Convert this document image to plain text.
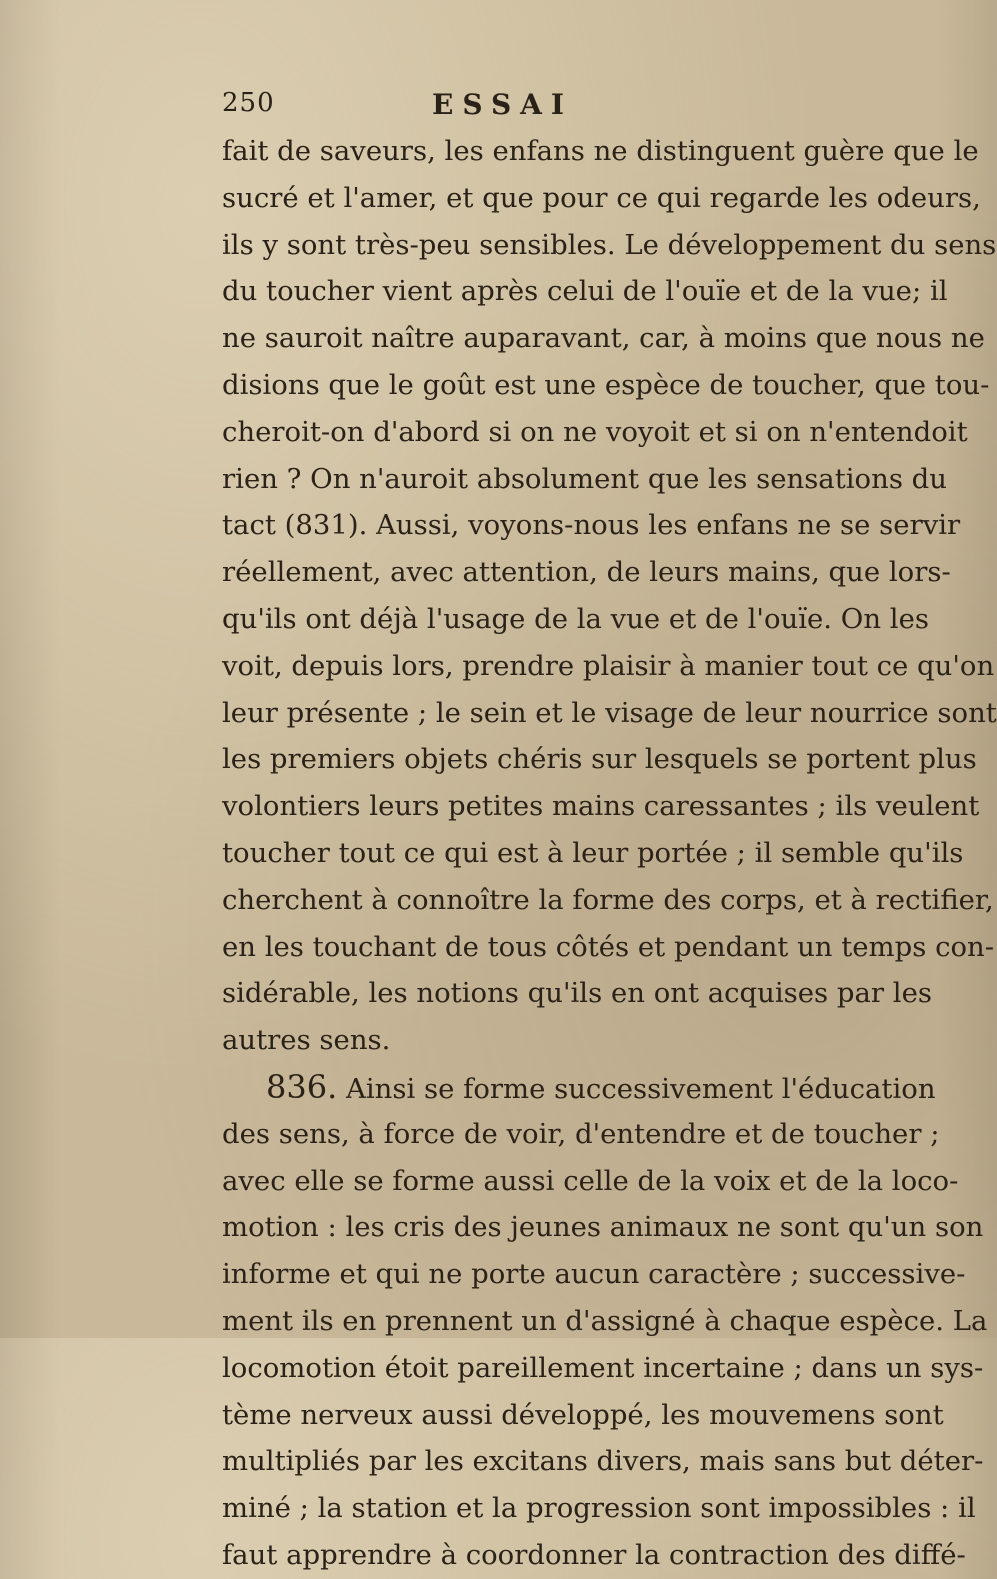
250	ESSAI
fait de saveurs, les enfans ne distinguent guère que le
sucré et l'amer, et que pour ce qui regarde les odeurs,
ils y sont très-peu sensibles. Le développement du sens
du toucher vient après celui de l'ouïe et de la vue; il
ne sauroit naître auparavant, car, à moins que nous ne
disions que le goût est une espèce de toucher, que tou-
cheroit-on d'abord si on ne voyoit et si on n'entendoit
rien ? On n'auroit absolument que les sensations du
tact (831). Aussi, voyons-nous les enfans ne se servir
réellement, avec attention, de leurs mains, que lors-
qu'ils ont déjà l'usage de la vue et de l'ouïe. On les
voit, depuis lors, prendre plaisir à manier tout ce qu'on
leur présente ; le sein et le visage de leur nourrice sont
les premiers objets chéris sur lesquels se portent plus
volontiers leurs petites mains caressantes ; ils veulent
toucher tout ce qui est à leur portée ; il semble qu'ils
cherchent à connoître la forme des corps, et à rectifier,
en les touchant de tous côtés et pendant un temps con-
sidérable, les notions qu'ils en ont acquises par les
autres sens.
836. Ainsi se forme successivement l'éducation
des sens, à force de voir, d'entendre et de toucher ;
avec elle se forme aussi celle de la voix et de la loco-
motion : les cris des jeunes animaux ne sont qu'un son
informe et qui ne porte aucun caractère ; successive-
ment ils en prennent un d'assigné à chaque espèce. La
locomotion étoit pareillement incertaine ; dans un sys-
tème nerveux aussi développé, les mouvemens sont
multipliés par les excitans divers, mais sans but déter-
miné ; la station et la progression sont impossibles : il
faut apprendre à coordonner la contraction des diffé-
